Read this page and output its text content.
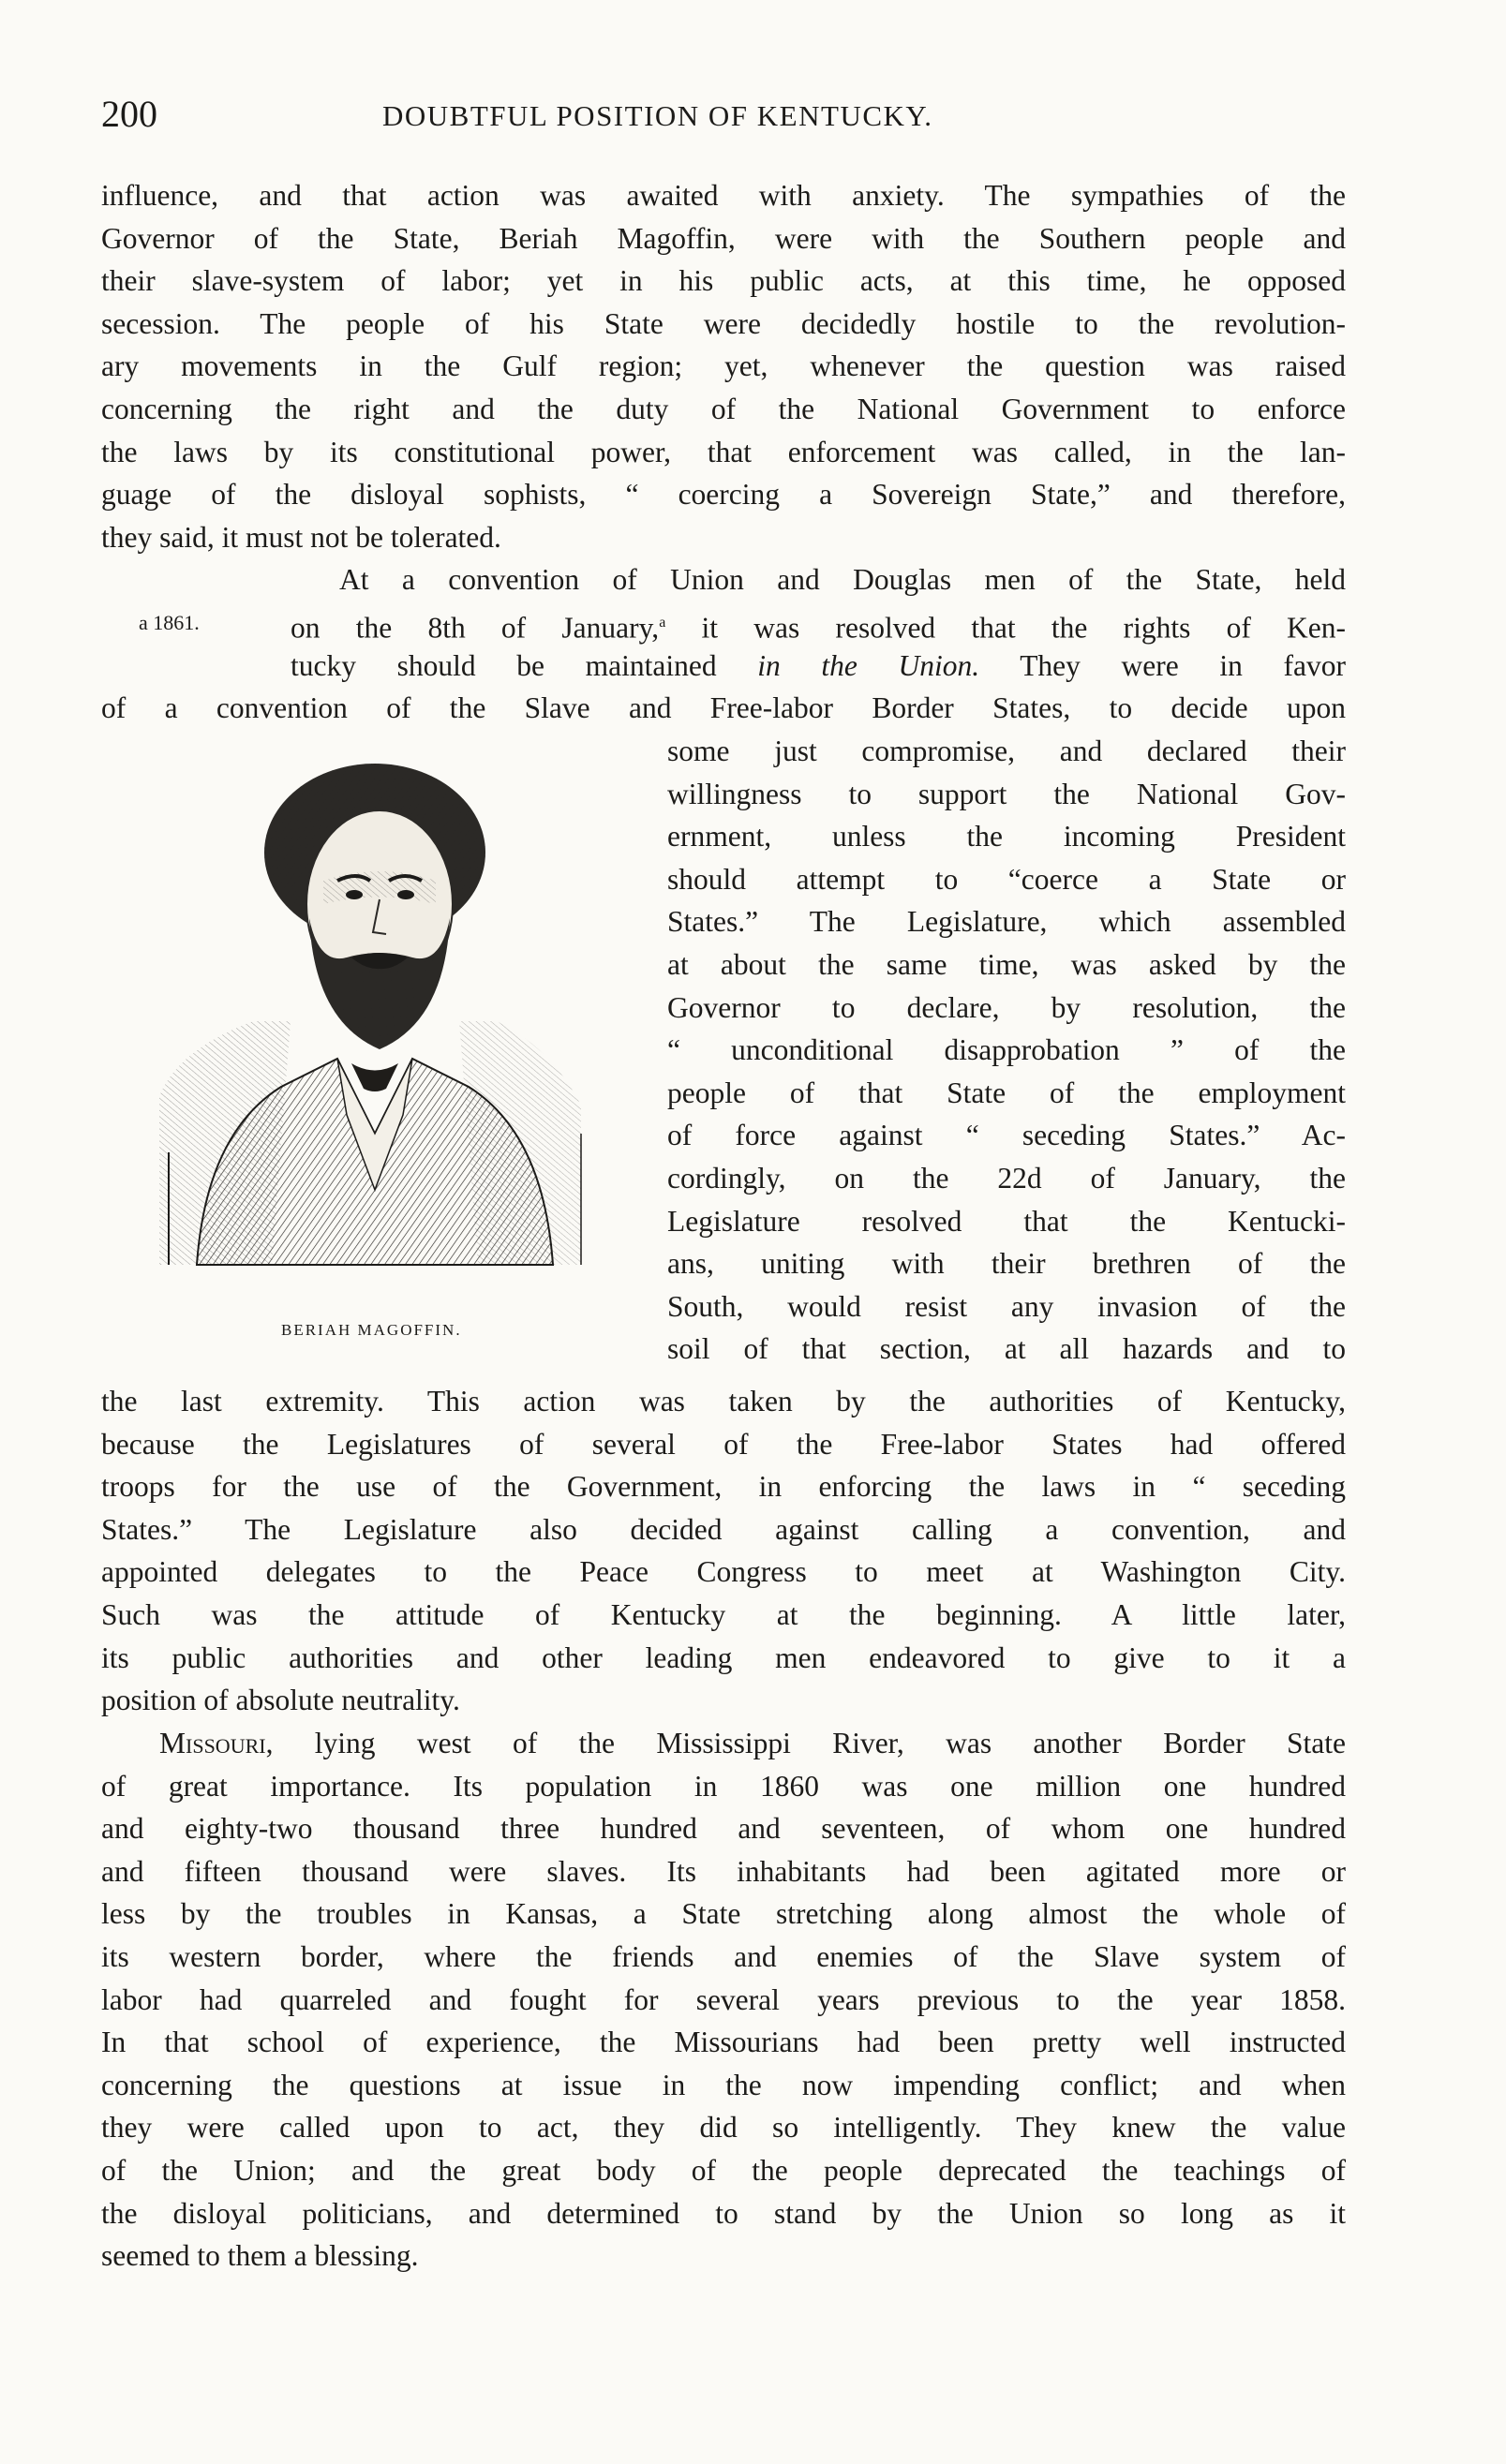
200	DOUBTFUL POSITION OF KENTUCKY.
influence, and that action was awaited with anxiety. The sympathies of the
Governor of the State, Beriah Magoffin, were with the Southern people and
their slave-system of labor; yet in his public acts, at this time, he opposed
secession. The people of his State were decidedly hostile to the revolution-
ary movements in the Gulf region; yet, whenever the question was raised
concerning the right and the duty of the National Government to enforce
the laws by its constitutional power, that enforcement was called, in the lan-
guage of the disloyal sophists, “ coercing a Sovereign State,” and therefore,
they said, it must not be tolerated.
At a convention of Union and Douglas men of the State, held
on the 8th of January,$^a$ it was resolved that the rights of Ken-
tucky should be maintained in the Union. They were in favor
a 1861.
of a convention of the Slave and Free-labor Border States, to decide upon
BERIAH MAGOFFIN.
some just compromise, and declared their
willingness to support the National Gov-
ernment, unless the incoming President
should attempt to “coerce a State or
States.” The Legislature, which assembled
at about the same time, was asked by the
Governor to declare, by resolution, the
“ unconditional disapprobation ” of the
people of that State of the employment
of force against “ seceding States.” Ac-
cordingly, on the 22d of January, the
Legislature resolved that the Kentucki-
ans, uniting with their brethren of the
South, would resist any invasion of the
soil of that section, at all hazards and to
the last extremity. This action was taken by the authorities of Kentucky,
because the Legislatures of several of the Free-labor States had offered
troops for the use of the Government, in enforcing the laws in “ seceding
States.” The Legislature also decided against calling a convention, and
appointed delegates to the Peace Congress to meet at Washington City.
Such was the attitude of Kentucky at the beginning. A little later,
its public authorities and other leading men endeavored to give to it a
position of absolute neutrality.
Missouri, lying west of the Mississippi River, was another Border State
of great importance. Its population in 1860 was one million one hundred
and eighty-two thousand three hundred and seventeen, of whom one hundred
and fifteen thousand were slaves. Its inhabitants had been agitated more or
less by the troubles in Kansas, a State stretching along almost the whole of
its western border, where the friends and enemies of the Slave system of
labor had quarreled and fought for several years previous to the year 1858.
In that school of experience, the Missourians had been pretty well instructed
concerning the questions at issue in the now impending conflict; and when
they were called upon to act, they did so intelligently. They knew the value
of the Union; and the great body of the people deprecated the teachings of
the disloyal politicians, and determined to stand by the Union so long as it
seemed to them a blessing.
